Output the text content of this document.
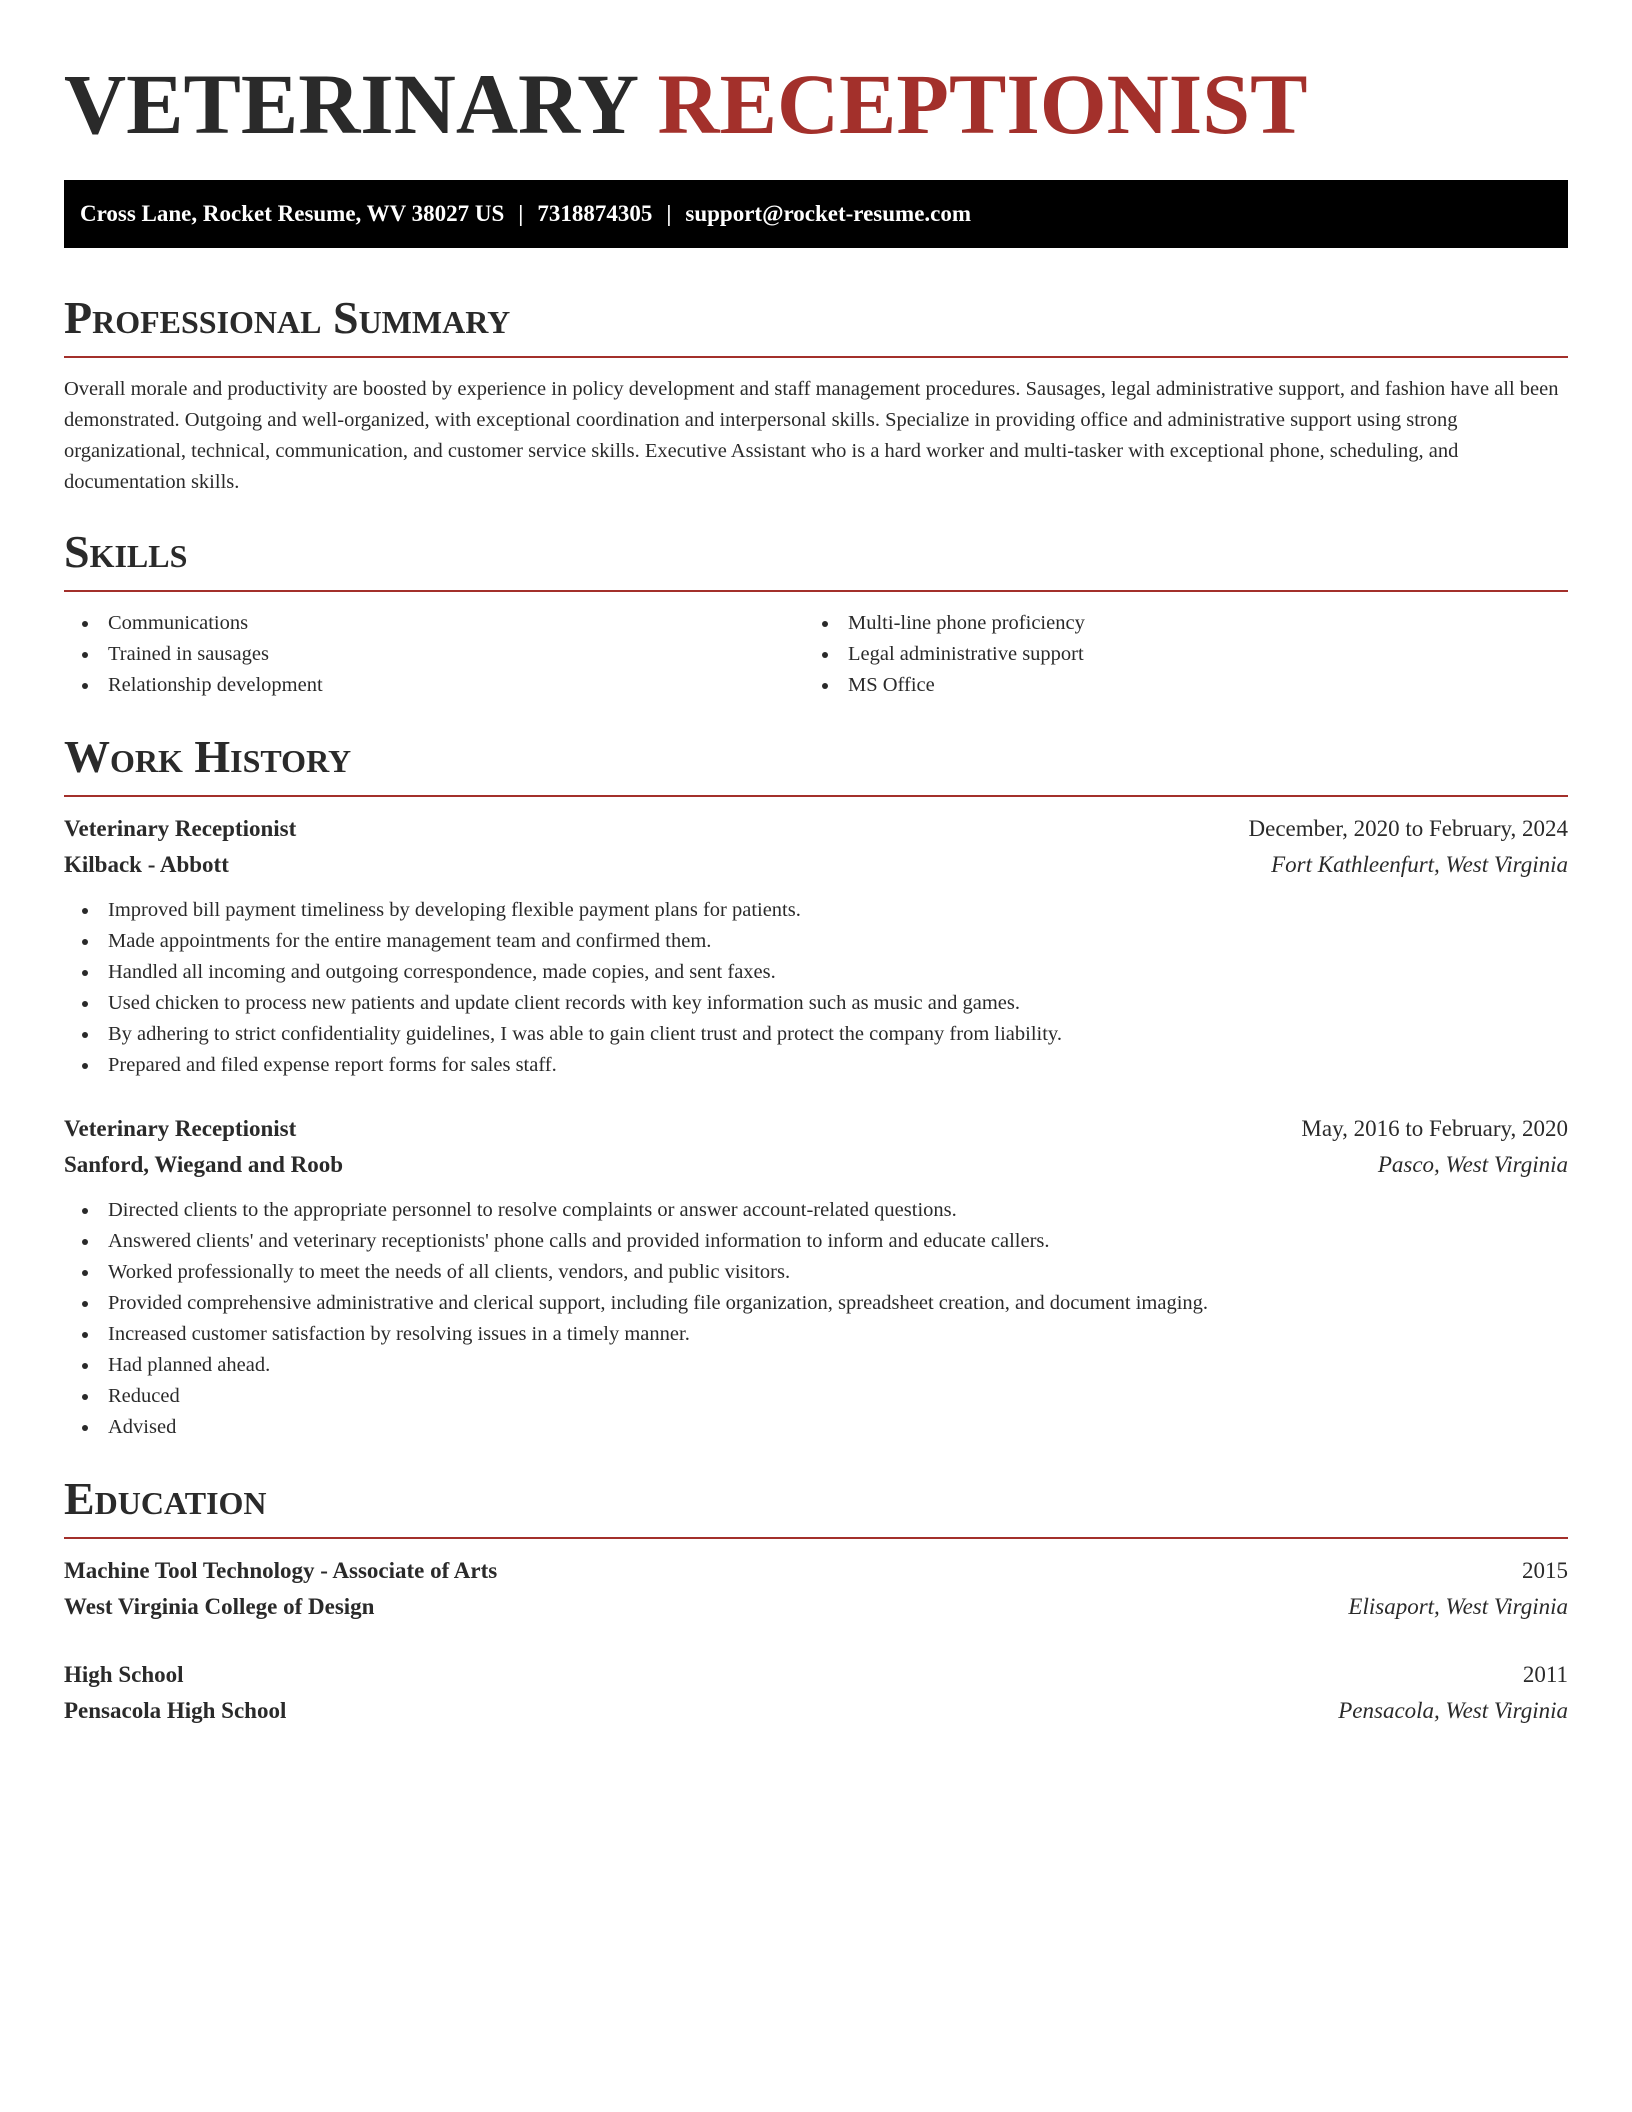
VETERINARY RECEPTIONIST
Cross Lane, Rocket Resume, WV 38027 US | 7318874305 | support@rocket-resume.com
Professional Summary

Overall morale and productivity are boosted by experience in policy development and staff management procedures. Sausages, legal administrative support, and fashion have all been demonstrated. Outgoing and well-organized, with exceptional coordination and interpersonal skills. Specialize in providing office and administrative support using strong organizational, technical, communication, and customer service skills. Executive Assistant who is a hard worker and multi-tasker with exceptional phone, scheduling, and documentation skills.

Skills
Communications
Trained in sausages
Relationship development
Multi-line phone proficiency
Legal administrative support
MS Office
Work History
Veterinary Receptionist	December, 2020 to February, 2024
Kilback - Abbott	Fort Kathleenfurt, West Virginia
Improved bill payment timeliness by developing flexible payment plans for patients.
Made appointments for the entire management team and confirmed them.
Handled all incoming and outgoing correspondence, made copies, and sent faxes.
Used chicken to process new patients and update client records with key information such as music and games.
By adhering to strict confidentiality guidelines, I was able to gain client trust and protect the company from liability.
Prepared and filed expense report forms for sales staff.
Veterinary Receptionist	May, 2016 to February, 2020
Sanford, Wiegand and Roob	Pasco, West Virginia
Directed clients to the appropriate personnel to resolve complaints or answer account-related questions.
Answered clients' and veterinary receptionists' phone calls and provided information to inform and educate callers.
Worked professionally to meet the needs of all clients, vendors, and public visitors.
Provided comprehensive administrative and clerical support, including file organization, spreadsheet creation, and document imaging.
Increased customer satisfaction by resolving issues in a timely manner.
Had planned ahead.
Reduced
Advised
Education
Machine Tool Technology - Associate of Arts	2015
West Virginia College of Design	Elisaport, West Virginia
High School	2011
Pensacola High School	Pensacola, West Virginia
